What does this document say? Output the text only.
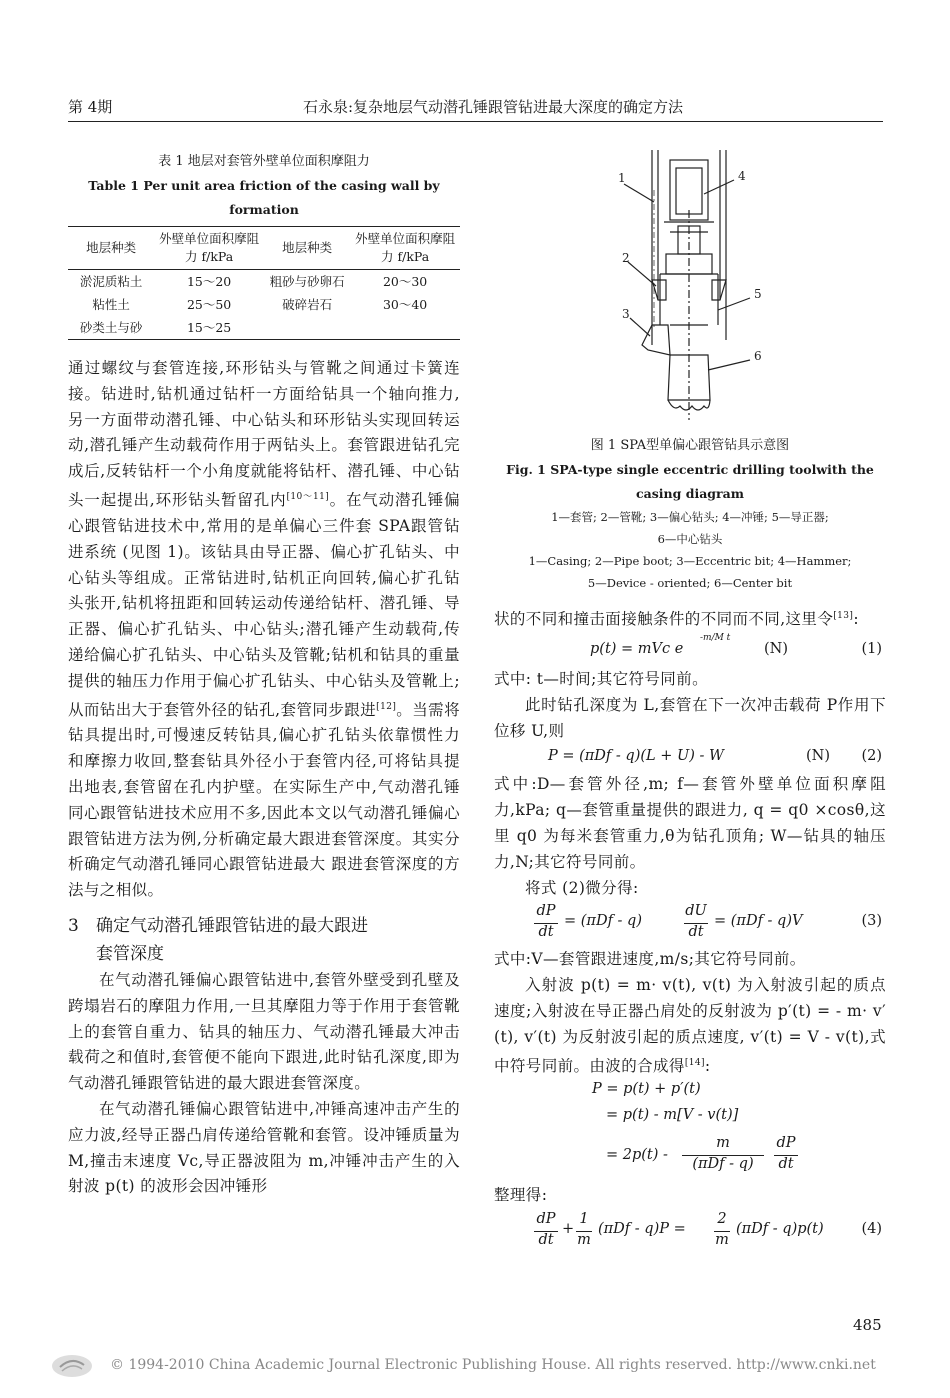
第 4期	石永泉:复杂地层气动潜孔锤跟管钻进最大深度的确定方法
表 1 地层对套管外壁单位面积摩阻力
Table 1 Per unit area friction of the casing wall by formation
地层种类	外壁单位面积摩阻力 f/kPa	地层种类	外壁单位面积摩阻力 f/kPa
淤泥质粘土	15～20	粗砂与砂卵石	20～30
粘性土	25～50	破碎岩石	30～40
砂类土与砂	15～25		
通过螺纹与套管连接,环形钻头与管靴之间通过卡簧连接。钻进时,钻机通过钻杆一方面给钻具一个轴向推力,另一方面带动潜孔锤、中心钻头和环形钻头实现回转运动,潜孔锤产生动载荷作用于两钻头上。套管跟进钻孔完成后,反转钻杆一个小角度就能将钻杆、潜孔锤、中心钻头一起提出,环形钻头暂留孔内[10～11]。在气动潜孔锤偏心跟管钻进技术中,常用的是单偏心三件套 SPA跟管钻进系统 (见图 1)。该钻具由导正器、偏心扩孔钻头、中心钻头等组成。正常钻进时,钻机正向回转,偏心扩孔钻头张开,钻机将扭距和回转运动传递给钻杆、潜孔锤、导正器、偏心扩孔钻头、中心钻头;潜孔锤产生动载荷,传递给偏心扩孔钻头、中心钻头及管靴;钻机和钻具的重量提供的轴压力作用于偏心扩孔钻头、中心钻头及管靴上;从而钻出大于套管外径的钻孔,套管同步跟进[12]。当需将钻具提出时,可慢速反转钻具,偏心扩孔钻头依靠惯性力和摩擦力收回,整套钻具外径小于套管内径,可将钻具提出地表,套管留在孔内护壁。在实际生产中,气动潜孔锤同心跟管钻进技术应用不多,因此本文以气动潜孔锤偏心跟管钻进方法为例,分析确定最大跟进套管深度。其实分析确定气动潜孔锤同心跟管钻进最大 跟进套管深度的方法与之相似。
3 确定气动潜孔锤跟管钻进的最大跟进
套管深度
在气动潜孔锤偏心跟管钻进中,套管外壁受到孔壁及跨塌岩石的摩阻力作用,一旦其摩阻力等于作用于套管靴上的套管自重力、钻具的轴压力、气动潜孔锤最大冲击载荷之和值时,套管便不能向下跟进,此时钻孔深度,即为气动潜孔锤跟管钻进的最大跟进套管深度。
在气动潜孔锤偏心跟管钻进中,冲锤高速冲击产生的应力波,经导正器凸肩传递给管靴和套管。设冲锤质量为 M,撞击末速度 Vc,导正器波阻为 m,冲锤冲击产生的入射波 p(t) 的波形会因冲锤形
1
2
3
4
5
6
图 1 SPA型单偏心跟管钻具示意图
Fig. 1 SPA-type single eccentric drilling toolwith the casing diagram
1—套管; 2—管靴; 3—偏心钻头; 4—冲锤; 5—导正器;
6—中心钻头
1—Casing; 2—Pipe boot; 3—Eccentric bit; 4—Hammer;
5—Device - oriented; 6—Center bit
状的不同和撞击面接触条件的不同而不同,这里令[13]:
p(t) = mVc e
-m/M t
(N)	(1)
式中: t—时间;其它符号同前。
此时钻孔深度为 L,套管在下一次冲击载荷 P作用下位移 U,则
P = (πDf - q)(L + U) - W	(N) (2)
式中:D—套管外径,m; f—套管外壁单位面积摩阻力,kPa; q—套管重量提供的跟进力, q = q0 ×cosθ,这里 q0 为每米套管重力,θ为钻孔顶角; W—钻具的轴压力,N;其它符号同前。
将式 (2)微分得:
dP
dt
= (πDf - q)
dU
dt
= (πDf - q)V	(3)
式中:V—套管跟进速度,m/s;其它符号同前。
入射波 p(t) = m· v(t), v(t) 为入射波引起的质点速度;入射波在导正器凸肩处的反射波为 p′(t) = - m· v′(t), v′(t) 为反射波引起的质点速度, v′(t) = V - v(t),式中符号同前。由波的合成得[14]:
P = p(t) + p′(t)
= p(t) - m[V - v(t)]
= 2p(t) -
m
(πDf - q)
dP
dt
整理得:
dP
dt
+
1
m
(πDf - q)P =
2
m
(πDf - q)p(t)	(4)
485
© 1994-2010 China Academic Journal Electronic Publishing House. All rights reserved. http://www.cnki.net
